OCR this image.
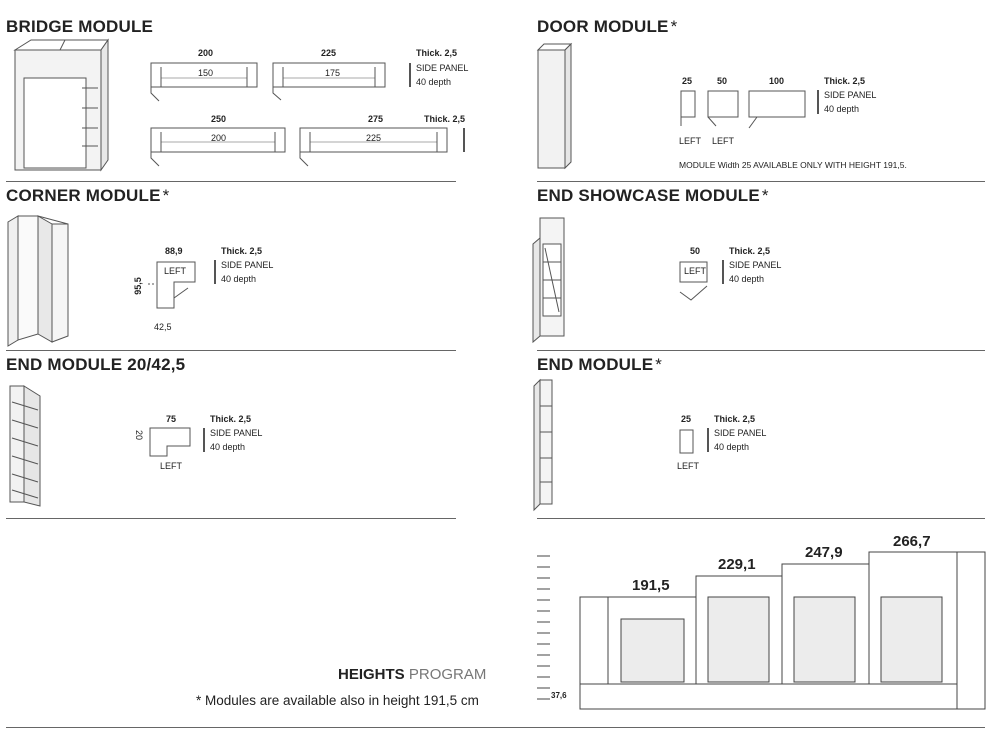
BRIDGE MODULE	DOOR MODULE *
CORNER MODULE *	END SHOWCASE MODULE *
END MODULE 20/42,5	END MODULE *
200
150
225
175
250
200
275
225
Thick. 2,5
SIDE PANEL
40 depth
Thick. 2,5
25	50	100	Thick. 2,5
SIDE PANEL
40 depth
LEFT LEFT
MODULE Width 25 AVAILABLE ONLY WITH HEIGHT 191,5.
88,9
LEFT
95,5
42,5
Thick. 2,5
SIDE PANEL
40 depth
50
LEFT
Thick. 2,5
SIDE PANEL
40 depth
75
20
LEFT
Thick. 2,5
SIDE PANEL
40 depth
25
LEFT
Thick. 2,5
SIDE PANEL
40 depth
191,5
229,1
247,9
266,7
37,6
HEIGHTS PROGRAM
* Modules are available also in height 191,5 cm
